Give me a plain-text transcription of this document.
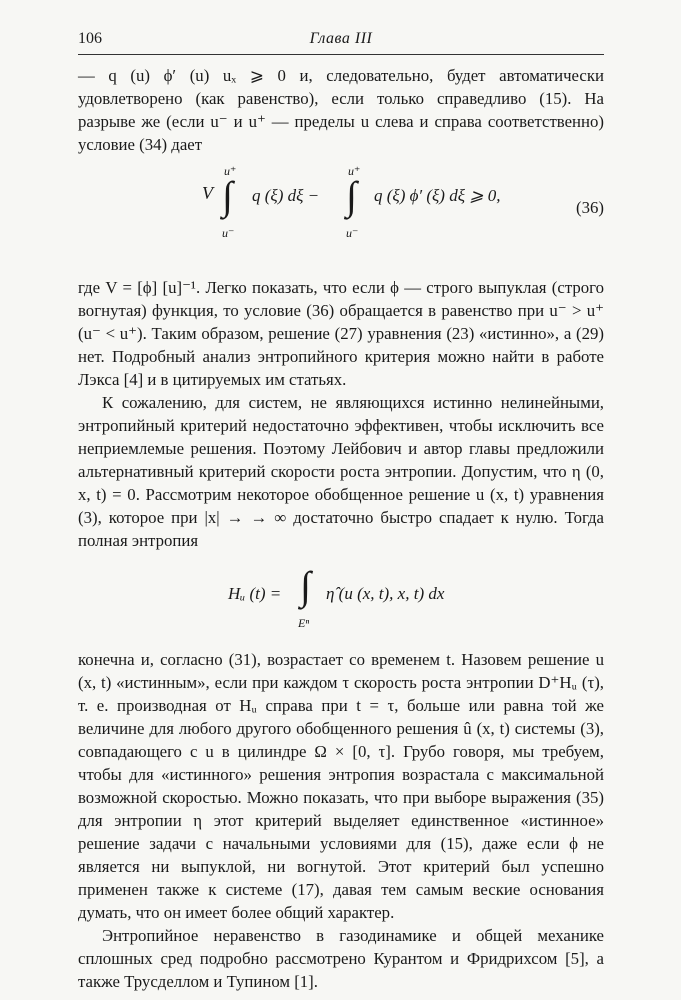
106	Глава III

— q (u) ϕ′ (u) uₓ ⩾ 0 и, следовательно, будет автоматически удовлетворено (как равенство), если только справедливо (15). На разрыве же (если u⁻ и u⁺ — пределы u слева и справа соответственно) условие (34) дает

V
u⁺
∫
u⁻
q (ξ) dξ −
u⁺
∫
u⁻
q (ξ) ϕ′ (ξ) dξ ⩾ 0,
(36)

где V = [ϕ] [u]⁻¹. Легко показать, что если ϕ — строго выпуклая (строго вогнутая) функция, то условие (36) обращается в равенство при u⁻ > u⁺ (u⁻ < u⁺). Таким образом, решение (27) уравнения (23) «истинно», а (29) нет. Подробный анализ энтропийного критерия можно найти в работе Лэкса [4] и в цитируемых им статьях.

К сожалению, для систем, не являющихся истинно нелинейными, энтропийный критерий недостаточно эффективен, чтобы исключить все неприемлемые решения. Поэтому Лейбович и автор главы предложили альтернативный критерий скорости роста энтропии. Допустим, что η (0, x, t) = 0. Рассмотрим некоторое обобщенное решение u (x, t) уравнения (3), которое при |x| → → ∞ достаточно быстро спадает к нулю. Тогда полная энтропия

Hᵤ (t) = ∫
Eⁿ
η̂ (u (x, t), x, t) dx

конечна и, согласно (31), возрастает со временем t. Назовем решение u (x, t) «истинным», если при каждом τ скорость роста энтропии D⁺Hᵤ (τ), т. е. производная от Hᵤ справа при t = τ, больше или равна той же величине для любого другого обобщенного решения û (x, t) системы (3), совпадающего с u в цилиндре Ω × [0, τ]. Грубо говоря, мы требуем, чтобы для «истинного» решения энтропия возрастала с максимальной возможной скоростью. Можно показать, что при выборе выражения (35) для энтропии η этот критерий выделяет единственное «истинное» решение задачи с начальными условиями для (15), даже если ϕ не является ни выпуклой, ни вогнутой. Этот критерий был успешно применен также к системе (17), давая тем самым веские основания думать, что он имеет более общий характер.

Энтропийное неравенство в газодинамике и общей механике сплошных сред подробно рассмотрено Курантом и Фридрихсом [5], а также Трусделлом и Тупином [1].
